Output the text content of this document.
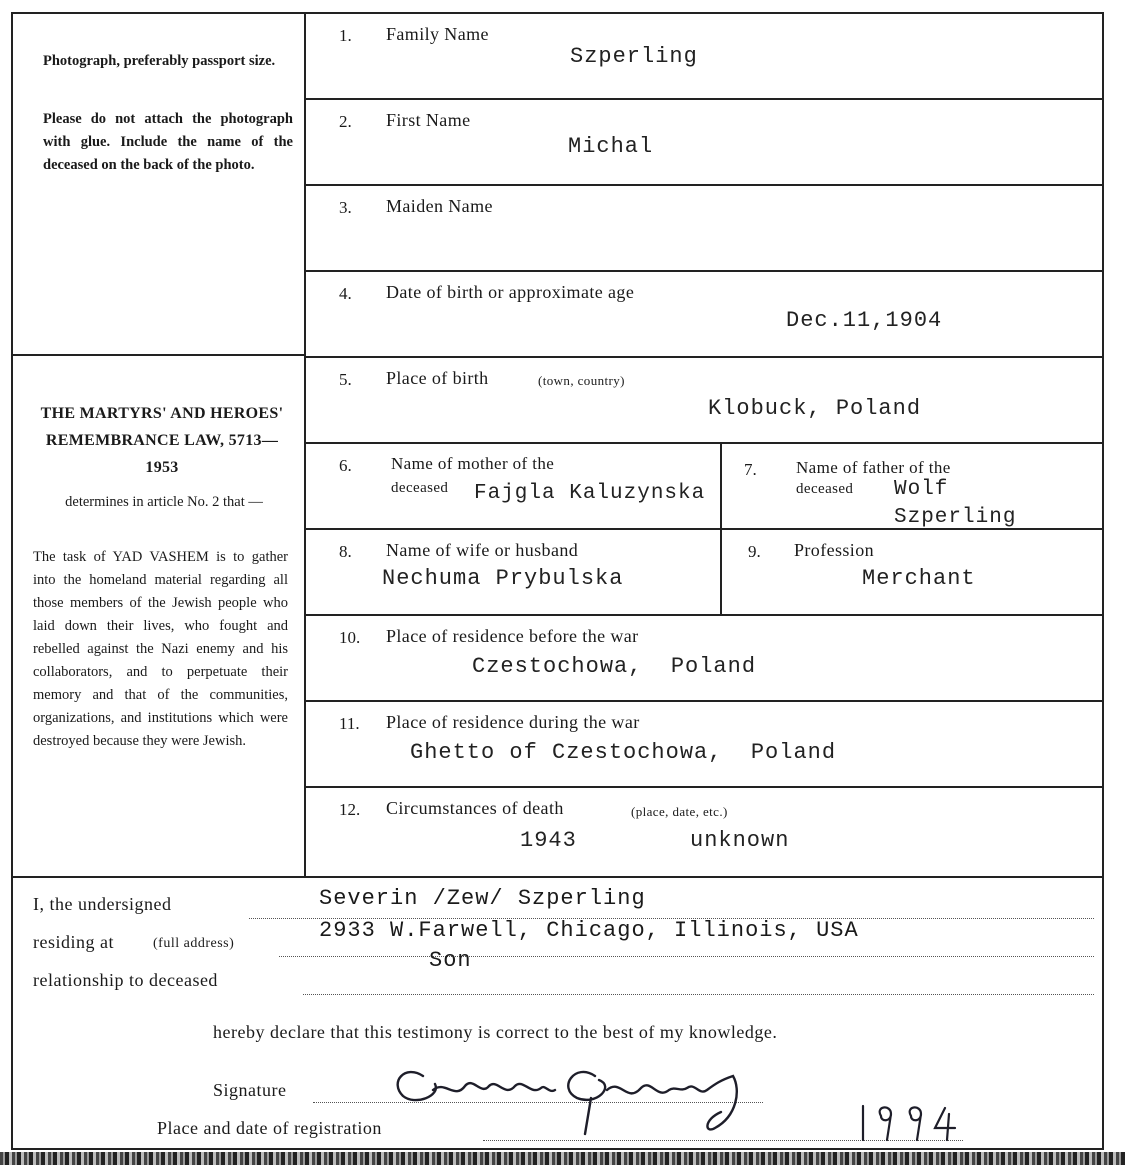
Photograph, preferably passport size.
Please do not attach the photograph with glue. Include the name of the deceased on the back of the photo.
THE MARTYRS' AND HEROES' REMEMBRANCE LAW, 5713—1953
determines in article No. 2 that —
The task of YAD VASHEM is to gather into the homeland material regarding all those members of the Jewish people who laid down their lives, who fought and rebelled against the Nazi enemy and his collaborators, and to perpetuate their memory and that of the communities, organizations, and institutions which were destroyed because they were Jewish.
1. Family Name
Szperling
2. First Name
Michal
3. Maiden Name
4. Date of birth or approximate age
Dec.11,1904
5. Place of birth	(town, country)
Klobuck, Poland
6. Name of mother of the
deceased Fajgla Kaluzynska
7. Name of father of the
deceased Wolf
Szperling
8. Name of wife or husband
Nechuma Prybulska
9. Profession
Merchant
10. Place of residence before the war
Czestochowa,  Poland
11. Place of residence during the war
Ghetto of Czestochowa,  Poland
12. Circumstances of death	(place, date, etc.)
1943	unknown
I, the undersigned	Severin /Zew/ Szperling
residing at	(full address)
2933 W.Farwell, Chicago, Illinois, USA
relationship to deceased
Son
hereby declare that this testimony is correct to the best of my knowledge.
Signature
Place and date of registration
